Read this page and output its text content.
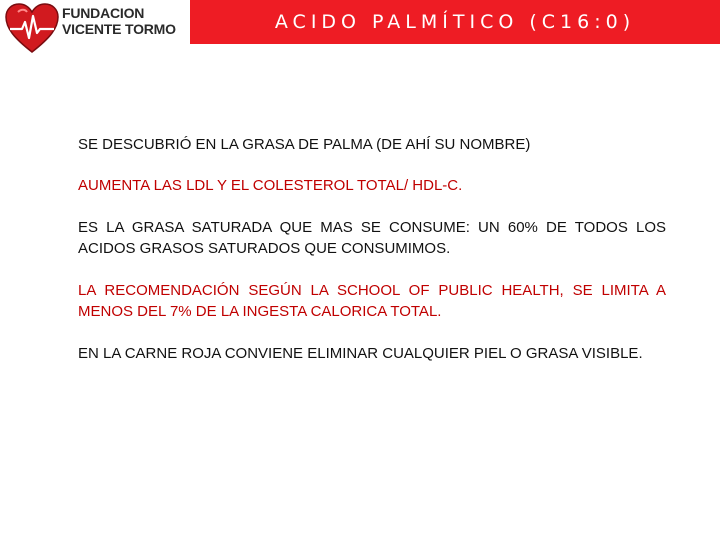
FUNDACION
VICENTE TORMO	ACIDO PALMÍTICO (C16:0)

SE DESCUBRIÓ EN LA GRASA DE PALMA (DE AHÍ SU NOMBRE)

AUMENTA LAS LDL Y EL COLESTEROL TOTAL/ HDL-C.

ES LA GRASA SATURADA QUE MAS SE CONSUME: UN 60% DE TODOS LOS ACIDOS GRASOS SATURADOS QUE CONSUMIMOS.

LA RECOMENDACIÓN SEGÚN LA SCHOOL OF PUBLIC HEALTH, SE LIMITA A MENOS DEL 7% DE LA INGESTA CALORICA TOTAL.

EN LA CARNE ROJA CONVIENE ELIMINAR CUALQUIER PIEL O GRASA VISIBLE.
